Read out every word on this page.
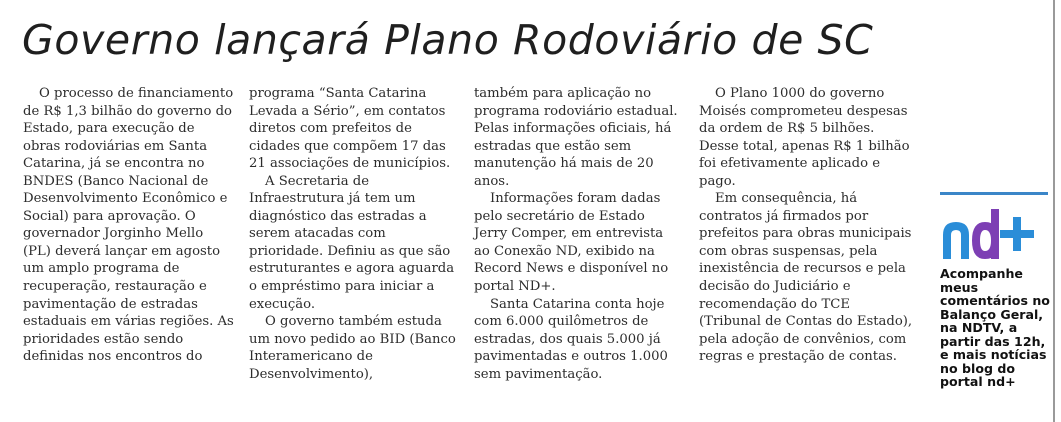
Governo lançará Plano Rodoviário de SC

O processo de financiamento de R$ 1,3 bilhão do governo do Estado, para execução de obras rodoviárias em Santa Catarina, já se encontra no BNDES (Banco Nacional de Desenvolvimento Econômico e Social) para aprovação. O governador Jorginho Mello (PL) deverá lançar em agosto um amplo programa de recuperação, restauração e pavimentação de estradas estaduais em várias regiões. As prioridades estão sendo definidas nos encontros do

programa “Santa Catarina Levada a Sério”, em contatos diretos com prefeitos de cidades que compõem 17 das 21 associações de municípios.

A Secretaria de Infraestrutura já tem um diagnóstico das estradas a serem atacadas com prioridade. Definiu as que são estruturantes e agora aguarda o empréstimo para iniciar a execução.

O governo também estuda um novo pedido ao BID (Banco Interamericano de Desenvolvimento),

também para aplicação no programa rodoviário estadual. Pelas informações oficiais, há estradas que estão sem manutenção há mais de 20 anos.

Informações foram dadas pelo secretário de Estado Jerry Comper, em entrevista ao Conexão ND, exibido na Record News e disponível no portal ND+.

Santa Catarina conta hoje com 6.000 quilômetros de estradas, dos quais 5.000 já pavimentadas e outros 1.000 sem pavimentação.

O Plano 1000 do governo Moisés comprometeu despesas da ordem de R$ 5 bilhões. Desse total, apenas R$ 1 bilhão foi efetivamente aplicado e pago.

Em consequência, há contratos já firmados por prefeitos para obras municipais com obras suspensas, pela inexistência de recursos e pela decisão do Judiciário e recomendação do TCE (Tribunal de Contas do Estado), pela adoção de convênios, com regras e prestação de contas.

nd+
Acompanhe meus comentários no Balanço Geral, na NDTV, a partir das 12h, e mais notícias no blog do portal nd+
